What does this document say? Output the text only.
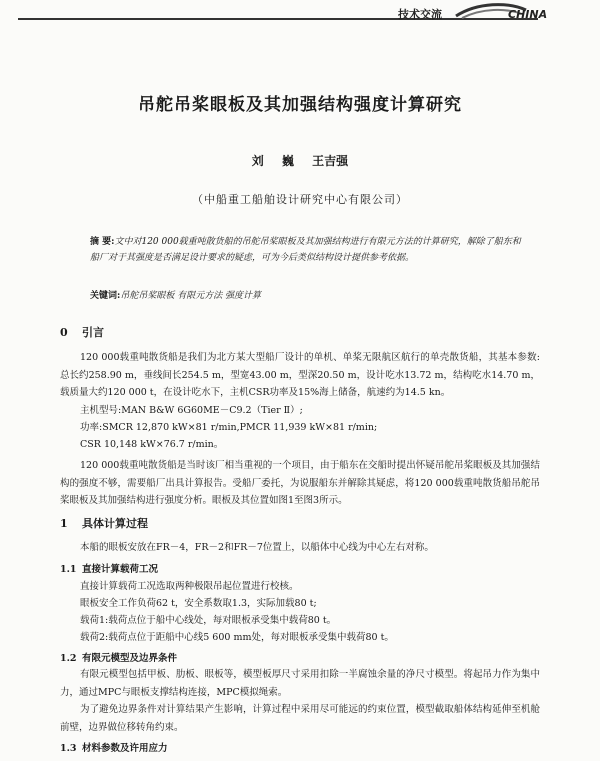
技术交流	CHINA
吊舵吊桨眼板及其加强结构强度计算研究
刘 巍 王吉强
（中船重工船舶设计研究中心有限公司）
摘 要:文中对120 000载重吨散货船的吊舵吊桨眼板及其加强结构进行有限元方法的计算研究，解除了船东和船厂对于其强度是否满足设计要求的疑虑，可为今后类似结构设计提供参考依据。
关键词:吊舵吊桨眼板 有限元方法 强度计算
0 引言
120 000载重吨散货船是我们为北方某大型船厂设计的单机、单桨无限航区航行的单壳散货船，其基本参数:总长约258.90 m，垂线间长254.5 m，型宽43.00 m，型深20.50 m，设计吃水13.72 m，结构吃水14.70 m，载质量大约120 000 t，在设计吃水下，主机CSR功率及15%海上储备，航速约为14.5 kn。
主机型号:MAN B&W 6G60ME－C9.2（Tier Ⅱ）;
功率:SMCR 12,870 kW×81 r/min,PMCR 11,939 kW×81 r/min;
CSR 10,148 kW×76.7 r/min。
120 000载重吨散货船是当时该厂相当重视的一个项目，由于船东在交船时提出怀疑吊舵吊桨眼板及其加强结构的强度不够，需要船厂出具计算报告。受船厂委托，为说服船东并解除其疑虑，将120 000载重吨散货船吊舵吊桨眼板及其加强结构进行强度分析。眼板及其位置如图1至图3所示。
1 具体计算过程
本船的眼板安放在FR－4，FR－2和FR－7位置上，以船体中心线为中心左右对称。
1.1 直接计算载荷工况
直接计算载荷工况选取两种极限吊起位置进行校核。
眼板安全工作负荷62 t，安全系数取1.3，实际加载80 t;
载荷1:载荷点位于船中心线处，每对眼板承受集中载荷80 t。
载荷2:载荷点位于距船中心线5 600 mm处，每对眼板承受集中载荷80 t。
1.2 有限元模型及边界条件
有限元模型包括甲板、肋板、眼板等，模型板厚尺寸采用扣除一半腐蚀余量的净尺寸模型。将起吊力作为集中力，通过MPC与眼板支撑结构连接，MPC模拟绳索。
为了避免边界条件对计算结果产生影响，计算过程中采用尽可能远的约束位置，模型截取船体结构延伸至机舱前壁，边界做位移转角约束。
1.3 材料参数及许用应力
